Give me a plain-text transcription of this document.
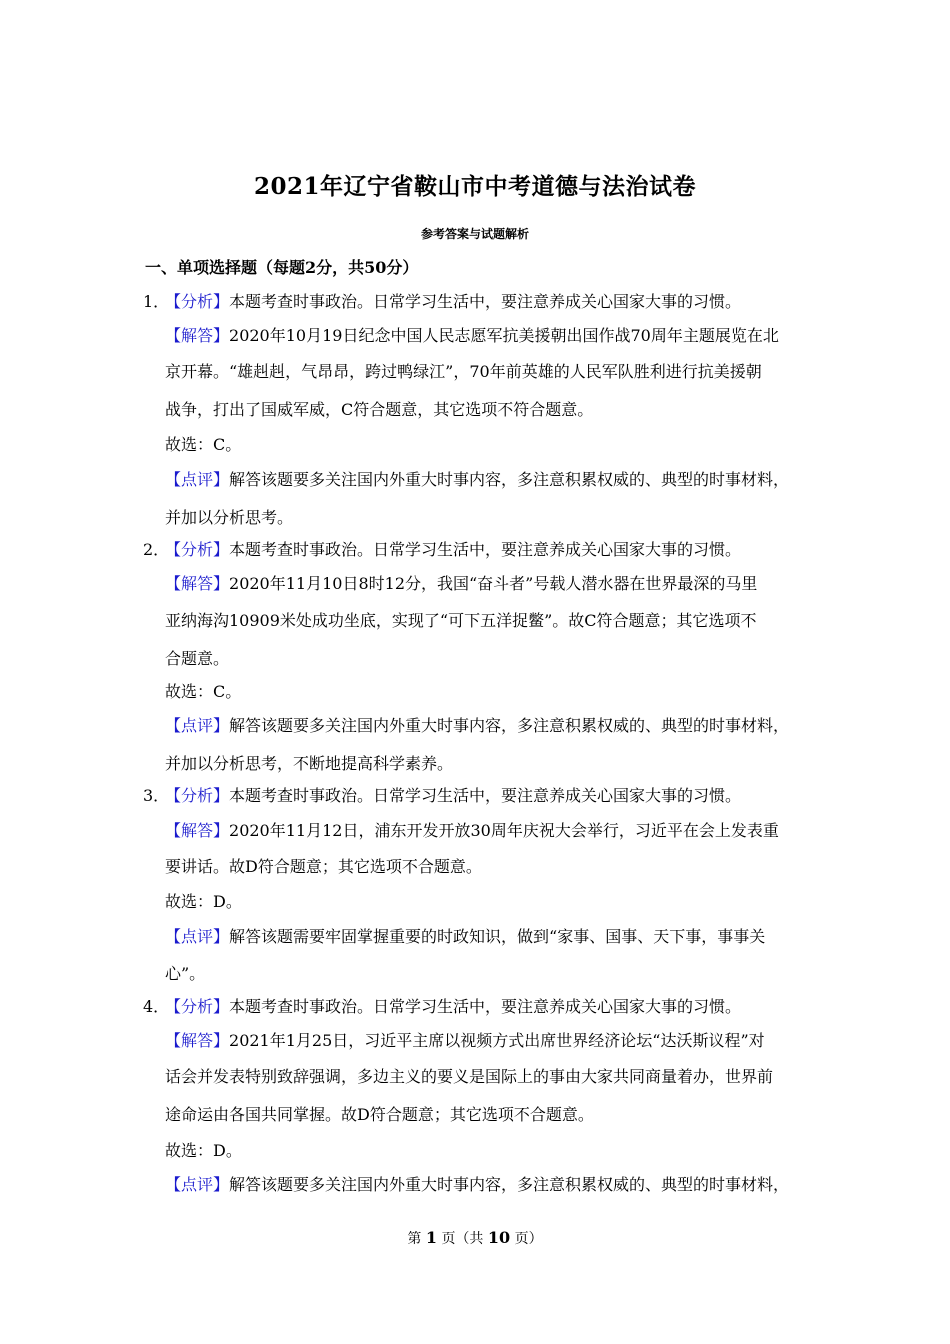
2021年辽宁省鞍山市中考道德与法治试卷
参考答案与试题解析
一、单项选择题（每题2分，共50分）
1．
【分析】本题考查时事政治。日常学习生活中，要注意养成关心国家大事的习惯。
【解答】2020年10月19日纪念中国人民志愿军抗美援朝出国作战70周年主题展览在北
京开幕。“雄赳赳，气昂昂，跨过鸭绿江”，70年前英雄的人民军队胜利进行抗美援朝
战争，打出了国威军威，C符合题意，其它选项不符合题意。
故选：C。
【点评】解答该题要多关注国内外重大时事内容，多注意积累权威的、典型的时事材料，
并加以分析思考。
2．
【分析】本题考查时事政治。日常学习生活中，要注意养成关心国家大事的习惯。
【解答】2020年11月10日8时12分，我国“奋斗者”号载人潜水器在世界最深的马里
亚纳海沟10909米处成功坐底，实现了“可下五洋捉鳖”。故C符合题意；其它选项不
合题意。
故选：C。
【点评】解答该题要多关注国内外重大时事内容，多注意积累权威的、典型的时事材料，
并加以分析思考，不断地提高科学素养。
3．
【分析】本题考查时事政治。日常学习生活中，要注意养成关心国家大事的习惯。
【解答】2020年11月12日，浦东开发开放30周年庆祝大会举行，习近平在会上发表重
要讲话。故D符合题意；其它选项不合题意。
故选：D。
【点评】解答该题需要牢固掌握重要的时政知识，做到“家事、国事、天下事，事事关
心”。
4．
【分析】本题考查时事政治。日常学习生活中，要注意养成关心国家大事的习惯。
【解答】2021年1月25日，习近平主席以视频方式出席世界经济论坛“达沃斯议程”对
话会并发表特别致辞强调，多边主义的要义是国际上的事由大家共同商量着办，世界前
途命运由各国共同掌握。故D符合题意；其它选项不合题意。
故选：D。
【点评】解答该题要多关注国内外重大时事内容，多注意积累权威的、典型的时事材料，
第 1 页（共 10 页）
